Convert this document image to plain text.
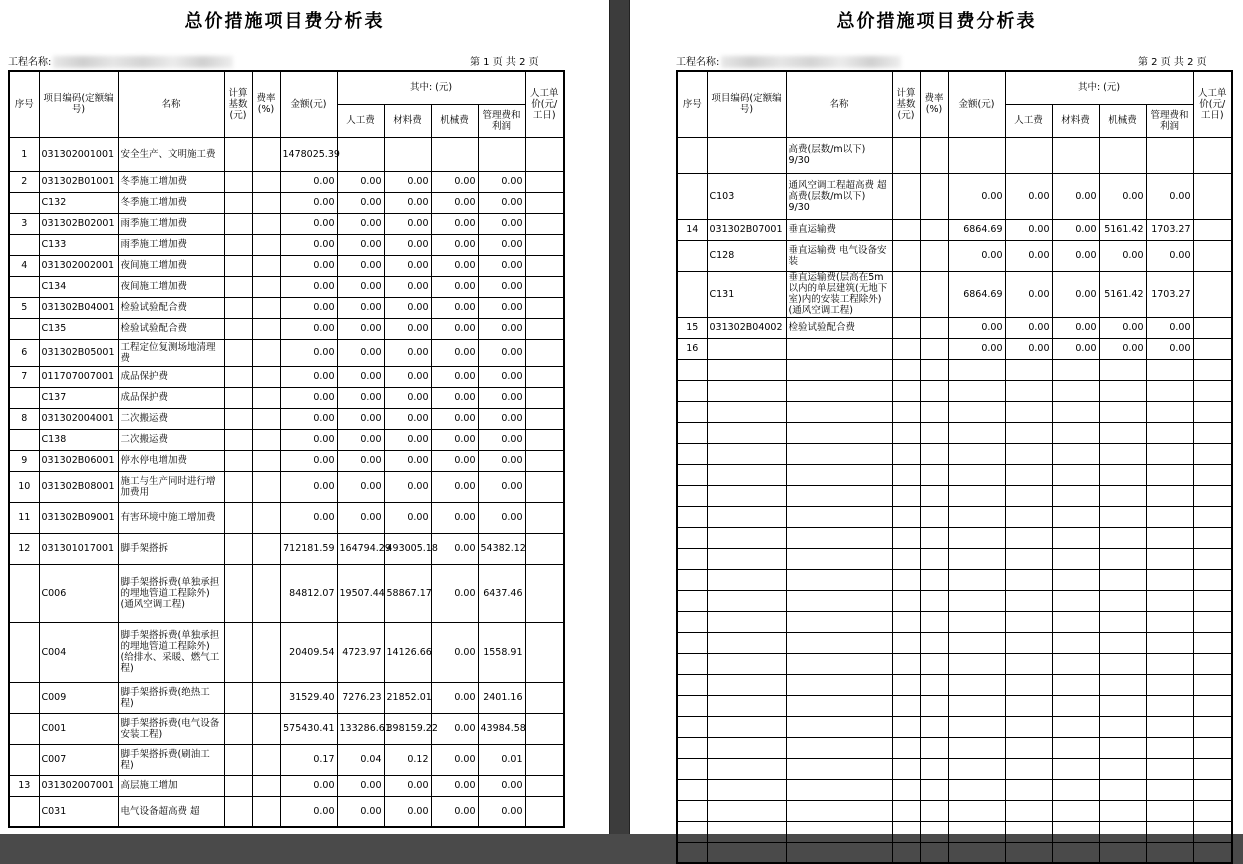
总价措施项目费分析表
工程名称:	第 1 页 共 2 页
序号	项目编码(定额编号)	名称	计算基数(元)	费率(%)	金额(元)	其中: (元)				人工单价(元/工日)
						人工费	材料费	机械费	管理费和利润	
1	031302001001	安全生产、文明施工费			1478025.39					
2	031302B01001	冬季施工增加费			0.00	0.00	0.00	0.00	0.00	
	C132	冬季施工增加费			0.00	0.00	0.00	0.00	0.00	
3	031302B02001	雨季施工增加费			0.00	0.00	0.00	0.00	0.00	
	C133	雨季施工增加费			0.00	0.00	0.00	0.00	0.00	
4	031302002001	夜间施工增加费			0.00	0.00	0.00	0.00	0.00	
	C134	夜间施工增加费			0.00	0.00	0.00	0.00	0.00	
5	031302B04001	检验试验配合费			0.00	0.00	0.00	0.00	0.00	
	C135	检验试验配合费			0.00	0.00	0.00	0.00	0.00	
6	031302B05001	工程定位复测场地清理费			0.00	0.00	0.00	0.00	0.00	
7	011707007001	成品保护费			0.00	0.00	0.00	0.00	0.00	
	C137	成品保护费			0.00	0.00	0.00	0.00	0.00	
8	031302004001	二次搬运费			0.00	0.00	0.00	0.00	0.00	
	C138	二次搬运费			0.00	0.00	0.00	0.00	0.00	
9	031302B06001	停水停电增加费			0.00	0.00	0.00	0.00	0.00	
10	031302B08001	施工与生产同时进行增加费用			0.00	0.00	0.00	0.00	0.00	
11	031302B09001	有害环境中施工增加费			0.00	0.00	0.00	0.00	0.00	
12	031301017001	脚手架搭拆			712181.59	164794.29	493005.18	0.00	54382.12	
	C006	脚手架搭拆费(单独承担的埋地管道工程除外)(通风空调工程)			84812.07	19507.44	58867.17	0.00	6437.46	
	C004	脚手架搭拆费(单独承担的埋地管道工程除外)(给排水、采暖、燃气工程)			20409.54	4723.97	14126.66	0.00	1558.91	
	C009	脚手架搭拆费(绝热工程)			31529.40	7276.23	21852.01	0.00	2401.16	
	C001	脚手架搭拆费(电气设备安装工程)			575430.41	133286.61	398159.22	0.00	43984.58	
	C007	脚手架搭拆费(刷油工程)			0.17	0.04	0.12	0.00	0.01	
13	031302007001	高层施工增加			0.00	0.00	0.00	0.00	0.00	
	C031	电气设备超高费 超			0.00	0.00	0.00	0.00	0.00	
总价措施项目费分析表
工程名称:	第 2 页 共 2 页
序号	项目编码(定额编号)	名称	计算基数(元)	费率(%)	金额(元)	其中: (元)				人工单价(元/工日)
						人工费	材料费	机械费	管理费和利润	
		高费(层数/m以下) 9/30								
	C103	通风空调工程超高费 超高费(层数/m以下) 9/30			0.00	0.00	0.00	0.00	0.00	
14	031302B07001	垂直运输费			6864.69	0.00	0.00	5161.42	1703.27	
	C128	垂直运输费 电气设备安装			0.00	0.00	0.00	0.00	0.00	
	C131	垂直运输费(层高在5m以内的单层建筑(无地下室)内的安装工程除外)(通风空调工程)			6864.69	0.00	0.00	5161.42	1703.27	
15	031302B04002	检验试验配合费			0.00	0.00	0.00	0.00	0.00	
16					0.00	0.00	0.00	0.00	0.00	
